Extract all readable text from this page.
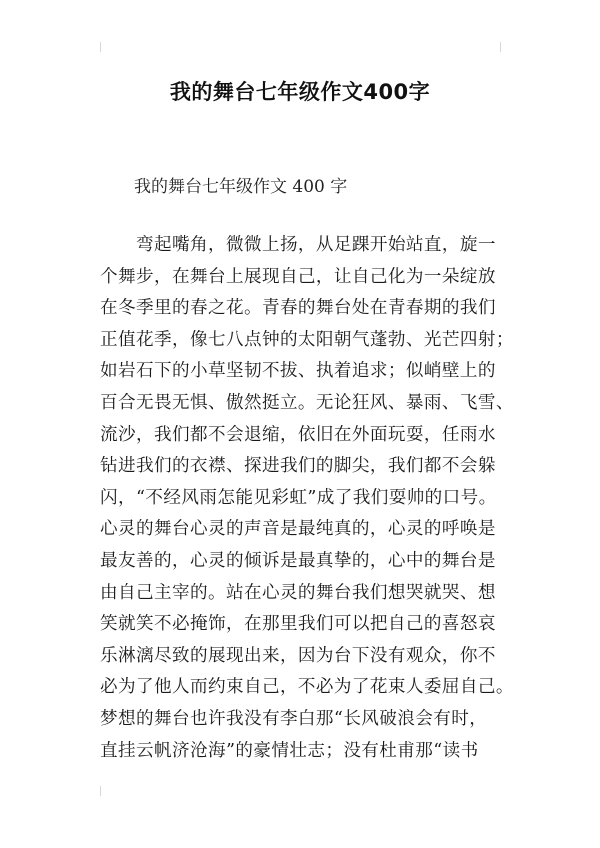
我的舞台七年级作文400字
我的舞台七年级作文 400 字
　　弯起嘴角，微微上扬，从足踝开始站直，旋一
个舞步，在舞台上展现自己，让自己化为一朵绽放
在冬季里的春之花。青春的舞台处在青春期的我们
正值花季，像七八点钟的太阳朝气蓬勃、光芒四射；
如岩石下的小草坚韧不拔、执着追求；似峭壁上的
百合无畏无惧、傲然挺立。无论狂风、暴雨、飞雪、
流沙，我们都不会退缩，依旧在外面玩耍，任雨水
钻进我们的衣襟、探进我们的脚尖，我们都不会躲
闪，“不经风雨怎能见彩虹”成了我们耍帅的口号。
心灵的舞台心灵的声音是最纯真的，心灵的呼唤是
最友善的，心灵的倾诉是最真挚的，心中的舞台是
由自己主宰的。站在心灵的舞台我们想哭就哭、想
笑就笑不必掩饰，在那里我们可以把自己的喜怒哀
乐淋漓尽致的展现出来，因为台下没有观众，你不
必为了他人而约束自己，不必为了花束人委屈自己。
梦想的舞台也许我没有李白那“长风破浪会有时，
直挂云帆济沧海”的豪情壮志；没有杜甫那“读书
